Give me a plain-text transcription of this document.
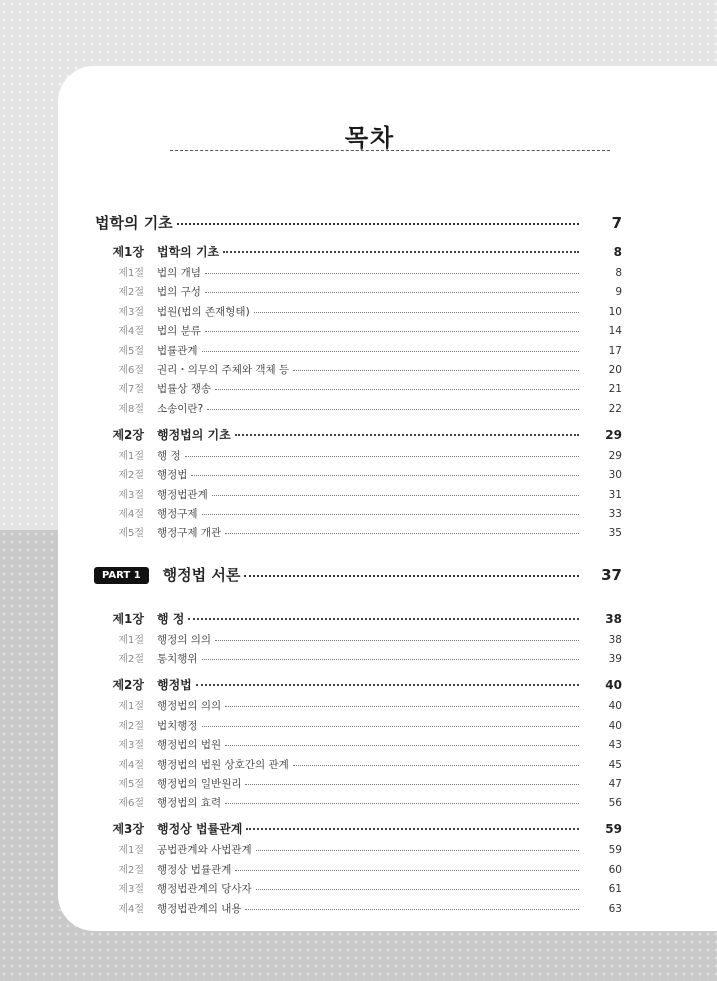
목차
법학의 기초	7
제1장 법학의 기초	8
제1절 법의 개념	8
제2절 법의 구성	9
제3절 법원(법의 존재형태)	10
제4절 법의 분류	14
제5절 법률관계	17
제6절 권리・의무의 주체와 객체 등	20
제7절 법률상 쟁송	21
제8절 소송이란?	22
제2장 행정법의 기초	29
제1절 행 정	29
제2절 행정법	30
제3절 행정법관계	31
제4절 행정구제	33
제5절 행정구제 개관	35
PART 1	행정법 서론	37
제1장 행 정	38
제1절 행정의 의의	38
제2절 통치행위	39
제2장 행정법	40
제1절 행정법의 의의	40
제2절 법치행정	40
제3절 행정법의 법원	43
제4절 행정법의 법원 상호간의 관계	45
제5절 행정법의 일반원리	47
제6절 행정법의 효력	56
제3장 행정상 법률관계	59
제1절 공법관계와 사법관계	59
제2절 행정상 법률관계	60
제3절 행정법관계의 당사자	61
제4절 행정법관계의 내용	63
